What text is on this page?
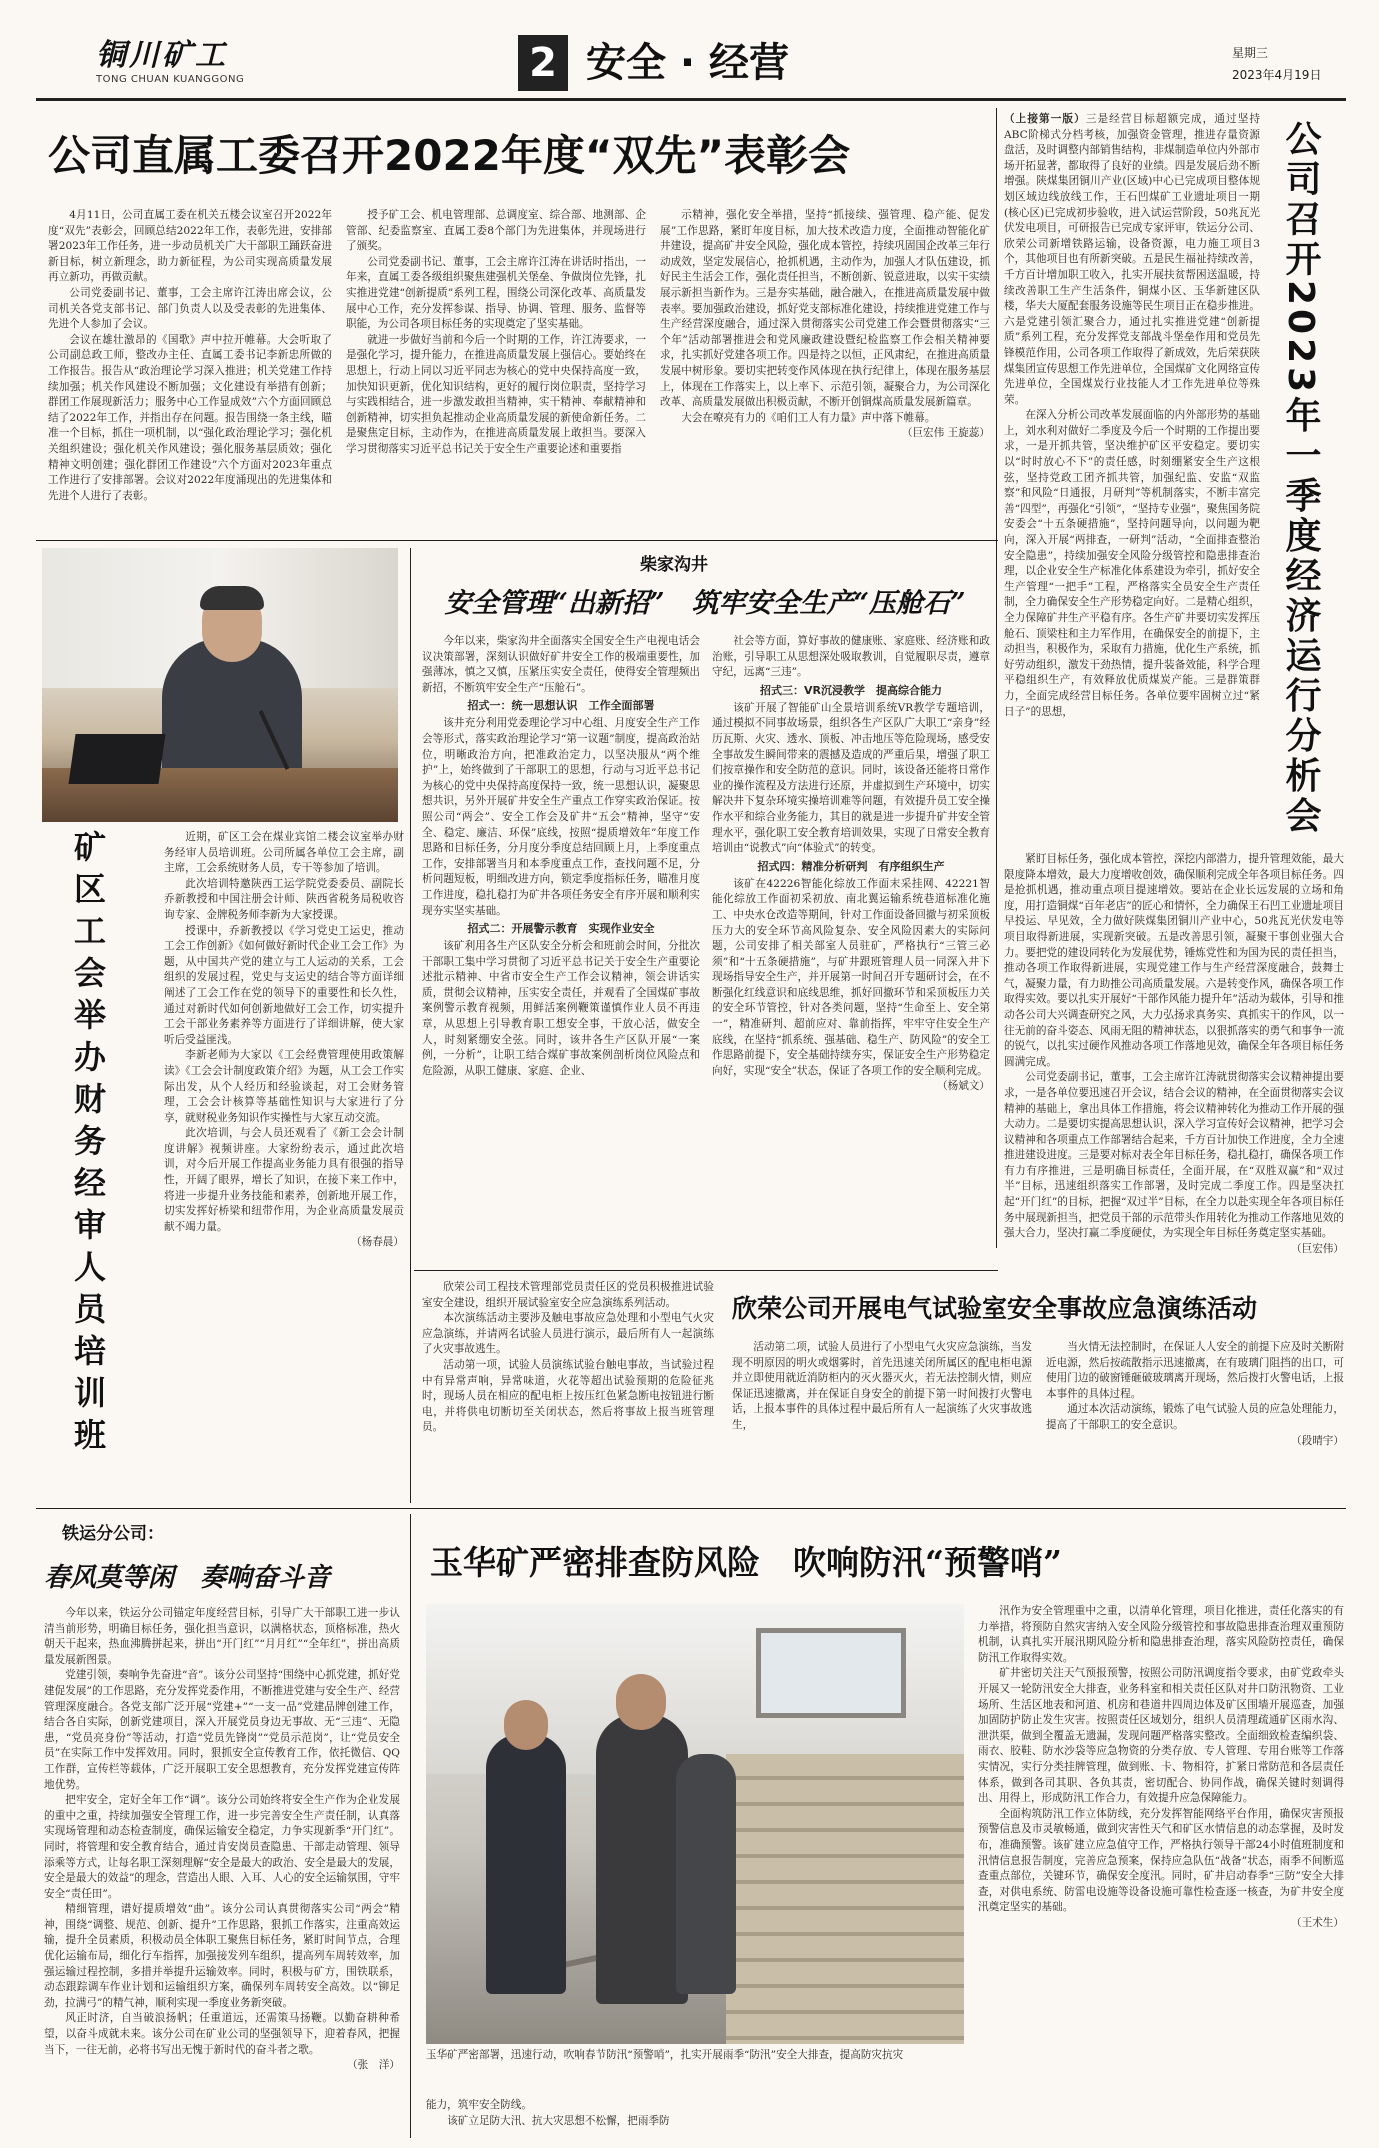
铜川矿工
TONG CHUAN KUANGGONG	2 安全 · 经营	星期三
2023年4月19日
公司直属工委召开2022年度“双先”表彰会

4月11日，公司直属工委在机关五楼会议室召开2022年度“双先”表彰会，回顾总结2022年工作，表彰先进，安排部署2023年工作任务，进一步动员机关广大干部职工踊跃奋进新目标，树立新理念，助力新征程，为公司实现高质量发展再立新功，再做贡献。

公司党委副书记、董事，工会主席许江涛出席会议，公司机关各党支部书记、部门负责人以及受表彰的先进集体、先进个人参加了会议。

会议在雄壮激昂的《国歌》声中拉开帷幕。大会听取了公司副总政工师，整改办主任、直属工委书记李新忠所做的工作报告。报告从“政治理论学习深入推进；机关党建工作持续加强；机关作风建设不断加强；文化建设有举措有创新；群团工作展现新活力；服务中心工作显成效”六个方面回顾总结了2022年工作，并指出存在问题。报告围绕一条主线，瞄准一个目标，抓住一项机制，以“强化政治理论学习；强化机关组织建设；强化机关作风建设；强化服务基层质效；强化精神文明创建；强化群团工作建设”六个方面对2023年重点工作进行了安排部署。会议对2022年度涌现出的先进集体和先进个人进行了表彰。

授予矿工会、机电管理部、总调度室、综合部、地测部、企管部、纪委监察室、直属工委8个部门为先进集体，并现场进行了颁奖。

公司党委副书记、董事，工会主席许江涛在讲话时指出，一年来，直属工委各级组织聚焦建强机关堡垒、争做岗位先锋，扎实推进党建“创新提质”系列工程，围绕公司深化改革、高质量发展中心工作，充分发挥参谋、指导、协调、管理、服务、监督等职能，为公司各项目标任务的实现奠定了坚实基础。

就进一步做好当前和今后一个时期的工作，许江涛要求，一是强化学习，提升能力，在推进高质量发展上强信心。要始终在思想上，行动上同以习近平同志为核心的党中央保持高度一致，加快知识更新，优化知识结构，更好的履行岗位职责，坚持学习与实践相结合，进一步激发敢担当精神，实干精神、奉献精神和创新精神，切实担负起推动企业高质量发展的新使命新任务。二是聚焦定目标，主动作为，在推进高质量发展上敢担当。要深入学习贯彻落实习近平总书记关于安全生产重要论述和重要指

示精神，强化安全举措，坚持“抓接续、强管理、稳产能、促发展”工作思路，紧盯年度目标，加大技术改造力度，全面推动智能化矿井建设，提高矿井安全风险，强化成本管控，持续巩固国企改革三年行动成效，坚定发展信心，抢抓机遇，主动作为，加强人才队伍建设，抓好民主生活会工作，强化责任担当，不断创新、锐意进取，以实干实绩展示新担当新作为。三是夯实基础，融合融入，在推进高质量发展中做表率。要加强政治建设，抓好党支部标准化建设，持续推进党建工作与生产经营深度融合，通过深入贯彻落实公司党建工作会暨贯彻落实“三个年”活动部署推进会和党风廉政建设暨纪检监察工作会相关精神要求，扎实抓好党建各项工作。四是持之以恒，正风肃纪，在推进高质量发展中树形象。要切实把转变作风体现在执行纪律上，体现在服务基层上，体现在工作落实上，以上率下、示范引领，凝聚合力，为公司深化改革、高质量发展做出积极贡献，不断开创铜煤高质量发展新篇章。

大会在嘹亮有力的《咱们工人有力量》声中落下帷幕。

（巨宏伟 王旋蕊）

（上接第一版）三是经营目标超额完成，通过坚持ABC阶梯式分档考核，加强资金管理，推进存量资源盘活，及时调整内部销售结构，非煤制造单位内外部市场开拓显著，都取得了良好的业绩。四是发展后劲不断增强。陕煤集团铜川产业(区域)中心已完成项目整体规划区域边线放线工作，王石凹煤矿工业遗址项目一期(核心区)已完成初步验收，进入试运营阶段，50兆瓦光伏发电项目，可研报告已完成专家评审，铁运分公司、欣荣公司新增铁路运输，设备资源，电力施工项目3个，其他项目也有所新突破。五是民生福祉持续改善，千方百计增加职工收入，扎实开展扶贫帮困送温暖，持续改善职工生产生活条件，铜煤小区、玉华新建区队楼，华夫大厦配套服务设施等民生项目正在稳步推进。六是党建引领汇聚合力，通过扎实推进党建“创新提质”系列工程，充分发挥党支部战斗堡垒作用和党员先锋模范作用，公司各项工作取得了新成效，先后荣获陕煤集团宣传思想工作先进单位，全国煤矿文化网络宣传先进单位，全国煤炭行业技能人才工作先进单位等殊荣。

在深入分析公司改革发展面临的内外部形势的基础上，刘水利对做好二季度及今后一个时期的工作提出要求，一是开抓共管，坚决维护矿区平安稳定。要切实以“时时放心不下”的责任感，时刻绷紧安全生产这根弦，坚持党政工团齐抓共管，加强纪监、安监“双监察”和风险“日通报，月研判”等机制落实，不断丰富完善“四型”，再强化“引领”，“坚持专业强”，聚焦国务院安委会“十五条硬措施”，坚持问题导向，以问题为靶向，深入开展“两排查，一研判”活动，“全面排查整治安全隐患”，持续加强安全风险分级管控和隐患排查治理，以企业安全生产标准化体系建设为牵引，抓好安全生产管理“一把手”工程，严格落实全员安全生产责任制，全力确保安全生产形势稳定向好。二是精心组织，全力保障矿井生产平稳有序。各生产矿井要切实发挥压舱石、顶梁柱和主力军作用，在确保安全的前提下，主动担当，积极作为，采取有力措施，优化生产系统，抓好劳动组织，激发干劲热情，提升装备效能，科学合理平稳组织生产，有效释放优质煤炭产能。三是群策群力，全面完成经营目标任务。各单位要牢固树立过“紧日子”的思想，	公司召开2023年一季度经济运行分析会

紧盯目标任务，强化成本管控，深挖内部潜力，提升管理效能，最大限度降本增效，最大力度增收创效，确保顺利完成全年各项目标任务。四是抢抓机遇，推动重点项目提速增效。要站在企业长远发展的立场和角度，用打造铜煤“百年老店”的匠心和情怀，全力确保王石凹工业遗址项目早投运、早见效，全力做好陕煤集团铜川产业中心，50兆瓦光伏发电等项目取得新进展，实现新突破。五是改善思引领，凝聚干事创业强大合力。要把党的建设同转化为发展优势，锤炼党性和为国为民的责任担当，推动各项工作取得新进展，实现党建工作与生产经营深度融合，鼓舞士气，凝聚力量，有力助推公司高质量发展。六是转变作风，确保各项工作取得实效。要以扎实开展好“干部作风能力提升年”活动为载体，引导和推动各公司大兴调查研究之风，大力弘扬求真务实、真抓实干的作风，以一往无前的奋斗姿态、风雨无阻的精神状态，以狠抓落实的勇气和事争一流的锐气，以扎实过硬作风推动各项工作落地见效，确保全年各项目标任务圆满完成。

公司党委副书记，董事，工会主席许江涛就贯彻落实会议精神提出要求，一是各单位要迅速召开会议，结合会议的精神，在全面贯彻落实会议精神的基础上，拿出具体工作措施，将会议精神转化为推动工作开展的强大动力。二是要切实提高思想认识，深入学习宣传好会议精神，把学习会议精神和各项重点工作部署结合起来，千方百计加快工作进度，全力全速推进建设进度。三是要对标对表全年目标任务，稳扎稳打，确保各项工作有力有序推进，三是明确目标责任，全面开展，在“双胜双赢”和“双过半”目标，迅速组织落实工作部署，及时完成二季度工作。四是坚决扛起“开门红”的目标，把握“双过半”目标，在全力以赴实现全年各项目标任务中展现新担当，把党员干部的示范带头作用转化为推动工作落地见效的强大合力，坚决打赢二季度硬仗，为实现全年目标任务奠定坚实基础。

（巨宏伟）

矿区工会举办财务经审人员培训班	近期，矿区工会在煤业宾馆二楼会议室举办财务经审人员培训班。公司所属各单位工会主席，副主席，工会系统财务人员，专干等参加了培训。

此次培训特邀陕西工运学院党委委员、副院长乔新教授和中国注册会计师、陕西省税务局税收咨询专家、金牌税务师李新为大家授课。

授课中，乔新教授以《学习党史工运史，推动工会工作创新》《如何做好新时代企业工会工作》为题，从中国共产党的建立与工人运动的关系，工会组织的发展过程，党史与支运史的结合等方面详细阐述了工会工作在党的领导下的重要性和长久性，通过对新时代如何创新地做好工会工作，切实提升工会干部业务素养等方面进行了详细讲解，使大家听后受益匪浅。

李新老师为大家以《工会经费管理使用政策解读》《工会会计制度政策介绍》为题，从工会工作实际出发，从个人经历和经验谈起，对工会财务管理，工会会计核算等基础性知识与大家进行了分享，就财税业务知识作实操性与大家互动交流。

此次培训，与会人员还观看了《新工会会计制度讲解》视频讲座。大家纷纷表示，通过此次培训，对今后开展工作提高业务能力具有很强的指导性，开阔了眼界，增长了知识，在接下来工作中，将进一步提升业务技能和素养，创新地开展工作，切实发挥好桥梁和纽带作用，为企业高质量发展贡献不竭力量。

（杨春晨）

柴家沟井
安全管理“出新招”　筑牢安全生产“压舱石”

今年以来，柴家沟井全面落实全国安全生产电视电话会议决策部署，深刻认识做好矿井安全工作的极端重要性，加强薄冰，慎之又慎，压紧压实安全责任，使得安全管理频出新招，不断筑牢安全生产“压舱石”。

招式一：统一思想认识　工作全面部署

该井充分利用党委理论学习中心组、月度安全生产工作会等形式，落实政治理论学习“第一议题”制度，提高政治站位，明晰政治方向，把准政治定力，以坚决服从“两个维护”上，始终做到了干部职工的思想，行动与习近平总书记为核心的党中央保持高度保持一致，统一思想认识，凝聚思想共识，另外开展矿井安全生产重点工作穿实政治保证。按照公司“两会”、安全工作会及矿井“五会”精神，坚守“安全、稳定、廉洁、环保”底线，按照“提质增效年”年度工作思路和目标任务，分月度分季度总结回顾上月，上季度重点工作，安排部署当月和本季度重点工作，查找问题不足，分析问题短板，明细改进方向，锁定季度指标任务，瞄准月度工作进度，稳扎稳打为矿井各项任务安全有序开展和顺利实现夯实坚实基础。

招式二：开展警示教育　实现作业安全

该矿利用各生产区队安全分析会和班前会时间，分批次干部职工集中学习贯彻了习近平总书记关于安全生产重要论述批示精神、中省市安全生产工作会议精神，领会讲话实质，贯彻会议精神，压实安全责任，并观看了全国煤矿事故案例警示教育视频，用鲜活案例鞭策谨慎作业人员不再违章，从思想上引导教育职工想安全事，干放心活，做安全人，时刻紧绷安全弦。同时，该井各生产区队开展“一案例，一分析”，让职工结合煤矿事故案例剖析岗位风险点和危险源，从职工健康、家庭、企业、

社会等方面，算好事故的健康账、家庭账、经济账和政治账，引导职工从思想深处吸取教训，自觉履职尽责，遵章守纪，远离“三违”。

招式三：VR沉浸教学　提高综合能力

该矿开展了智能矿山全景培训系统VR教学专题培训，通过模拟不同事故场景，组织各生产区队广大职工“亲身”经历瓦斯、火灾、透水、顶板、冲击地压等危险现场，感受安全事故发生瞬间带来的震撼及造成的严重后果，增强了职工们按章操作和安全防范的意识。同时，该设备还能将日常作业的操作流程及方法进行还原，并虚拟到生产环境中，切实解决井下复杂环境实操培训难等问题，有效提升员工安全操作水平和综合业务能力，其目的就是进一步提升矿井安全管理水平，强化职工安全教育培训效果，实现了日常安全教育培训由“说教式”向“体验式”的转变。

招式四：精准分析研判　有序组织生产

该矿在42226智能化综放工作面末采挂网、42221智能化综放工作面初采初放、南北翼运输系统巷道标准化施工、中央水仓改造等期间，针对工作面设备回撤与初采顶板压力大的安全环节高风险复杂、安全风险因素大的实际问题，公司安排了相关部室人员驻矿，严格执行“三管三必须”和“十五条硬措施”，与矿井跟班管理人员一同深入井下现场指导安全生产，并开展第一时间召开专题研讨会，在不断强化红线意识和底线思维，抓好回撤环节和采顶板压力关的安全环节管控，针对各类问题，坚持“生命至上、安全第一”，精准研判、超前应对、靠前指挥，牢牢守住安全生产底线，在坚持“抓系统、强基础、稳生产、防风险”的安全工作思路前提下，安全基础持续夯实，保证安全生产形势稳定向好，实现“安全”状态，保证了各项工作的安全顺利完成。

（杨斌文）

欣荣公司工程技术管理部党员责任区的党员积极推进试验室安全建设，组织开展试验室安全应急演练系列活动。

本次演练活动主要涉及触电事故应急处理和小型电气火灾应急演练，并请两名试验人员进行演示，最后所有人一起演练了火灾事故逃生。

活动第一项，试验人员演练试验台触电事故，当试验过程中有异常声响，异常味道，火花等超出试验预期的危险征兆时，现场人员在相应的配电柜上按压红色紧急断电按钮进行断电，并将供电切断切至关闭状态，然后将事故上报当班管理员。

欣荣公司开展电气试验室安全事故应急演练活动

活动第二项，试验人员进行了小型电气火灾应急演练，当发现不明原因的明火或烟雾时，首先迅速关闭所属区的配电柜电源并立即使用就近消防柜内的灭火器灭火，若无法控制火情，则应保证迅速撤离，并在保证自身安全的前提下第一时间拨打火警电话，上报本事件的具体过程中最后所有人一起演练了火灾事故逃生，

当火情无法控制时，在保证人人安全的前提下应及时关断附近电源，然后按疏散指示迅速撤离，在有玻璃门阻挡的出口，可使用门边的破窗锤砸破玻璃离开现场，然后拨打火警电话，上报本事件的具体过程。

通过本次活动演练，锻炼了电气试验人员的应急处理能力，提高了干部职工的安全意识。

（段晴宇）

铁运分公司：
春风莫等闲　奏响奋斗音

今年以来，铁运分公司锚定年度经营目标，引导广大干部职工进一步认清当前形势，明确目标任务，强化担当意识，以满格状态，顶格标准，热火朝天干起来，热血沸腾拼起来，拼出“开门红”“月月红”“全年红”，拼出高质量发展新图景。

党建引领，奏响争先奋进“音”。该分公司坚持“围绕中心抓党建，抓好党建促发展”的工作思路，充分发挥党委作用，不断推进党建与安全生产、经营管理深度融合。各党支部广泛开展“党建+”“一支一品”党建品牌创建工作，结合各自实际，创新党建项目，深入开展党员身边无事故、无“三违”、无隐患，“党员亮身份”等活动，打造“党员先锋岗”“党员示范岗”，让“党员安全员”在实际工作中发挥效用。同时，狠抓安全宣传教育工作，依托微信、QQ工作群，宣传栏等载体，广泛开展职工安全思想教育，充分发挥党建宣传阵地优势。

把牢安全，定好全年工作“调”。该分公司始终将安全生产作为企业发展的重中之重，持续加强安全管理工作，进一步完善安全生产责任制，认真落实现场管理和动态检查制度，确保运输安全稳定，力争实现新季“开门红”。同时，将管理和安全教育结合，通过肯安岗员查隐患、干部走动管理、领导添乘等方式，让每名职工深刻理解“安全是最大的政治、安全是最大的发展，安全是最大的效益”的理念，营造出人眼、入耳、人心的安全运输氛围，守牢安全“责任田”。

精细管理，谱好提质增效“曲”。该分公司认真贯彻落实公司“两会”精神，围绕“调整、规范、创新、提升”工作思路，狠抓工作落实，注重高效运输，提升全员素质，积极动员全体职工聚焦目标任务，紧盯时间节点，合理优化运输布局，细化行车指挥，加强接发列车组织，提高列车周转效率，加强运输过程控制，多措并举提升运输效率。同时，积极与矿方，围铁联系，动态跟踪调车作业计划和运输组织方案，确保列车周转安全高效。以“铆足劲，拉满弓”的精气神，顺利实现一季度业务新突破。

风正时济，自当破浪扬帆；任重道远，还需策马扬鞭。以勤奋耕种希望，以奋斗成就未来。该分公司在矿业公司的坚强领导下，迎着春风，把握当下，一往无前，必将书写出无愧于新时代的奋斗者之歌。

（张　洋）

玉华矿严密排查防风险　吹响防汛“预警哨”
玉华矿严密部署，迅速行动，吹响春节防汛“预警哨”，扎实开展雨季“防汛”安全大排查，提高防灾抗灾

能力，筑牢安全防线。

该矿立足防大汛、抗大灾思想不松懈，把雨季防

汛作为安全管理重中之重，以清单化管理，项目化推进，责任化落实的有力举措，将预防自然灾害纳入安全风险分级管控和事故隐患排查治理双重预防机制，认真扎实开展汛期风险分析和隐患排查治理，落实风险防控责任，确保防汛工作取得实效。

矿井密切关注天气预报预警，按照公司防汛调度指令要求，由矿党政牵头开展又一轮防汛安全大排查，业务科室和相关责任区队对井口防汛物资、工业场所、生活区地表和河道、机房和巷道井四周边体及矿区围墙开展巡查，加强加固防护防止发生灾害。按照责任区域划分，组织人员清理疏通矿区雨水沟、泄洪渠，做到全覆盖无遗漏，发现问题严格落实整改。全面细致检查编织袋、雨衣、胶鞋、防水沙袋等应急物资的分类存放、专人管理、专用台账等工作落实情况，实行分类挂牌管理，做到账、卡、物相符，扩紧日常防范和各层责任体系，做到各司其职、各负其责，密切配合、协同作战，确保关键时刻调得出、用得上，形成防汛工作合力，有效提升应急保障能力。

全面构筑防汛工作立体防线，充分发挥智能网络平台作用，确保灾害预报预警信息及市灵敏畅通，做到灾害性天气和矿区水情信息的动态掌握，及时发布，准确预警。该矿建立应急值守工作，严格执行领导干部24小时值班制度和汛情信息报告制度，完善应急预案，保持应急队伍“战备”状态，雨季不间断巡查重点部位，关键环节，确保安全度汛。同时，矿井启动春季“三防”安全大排查，对供电系统、防雷电设施等设备设施可靠性检查逐一核查，为矿井安全度汛奠定坚实的基础。

（王术生）
